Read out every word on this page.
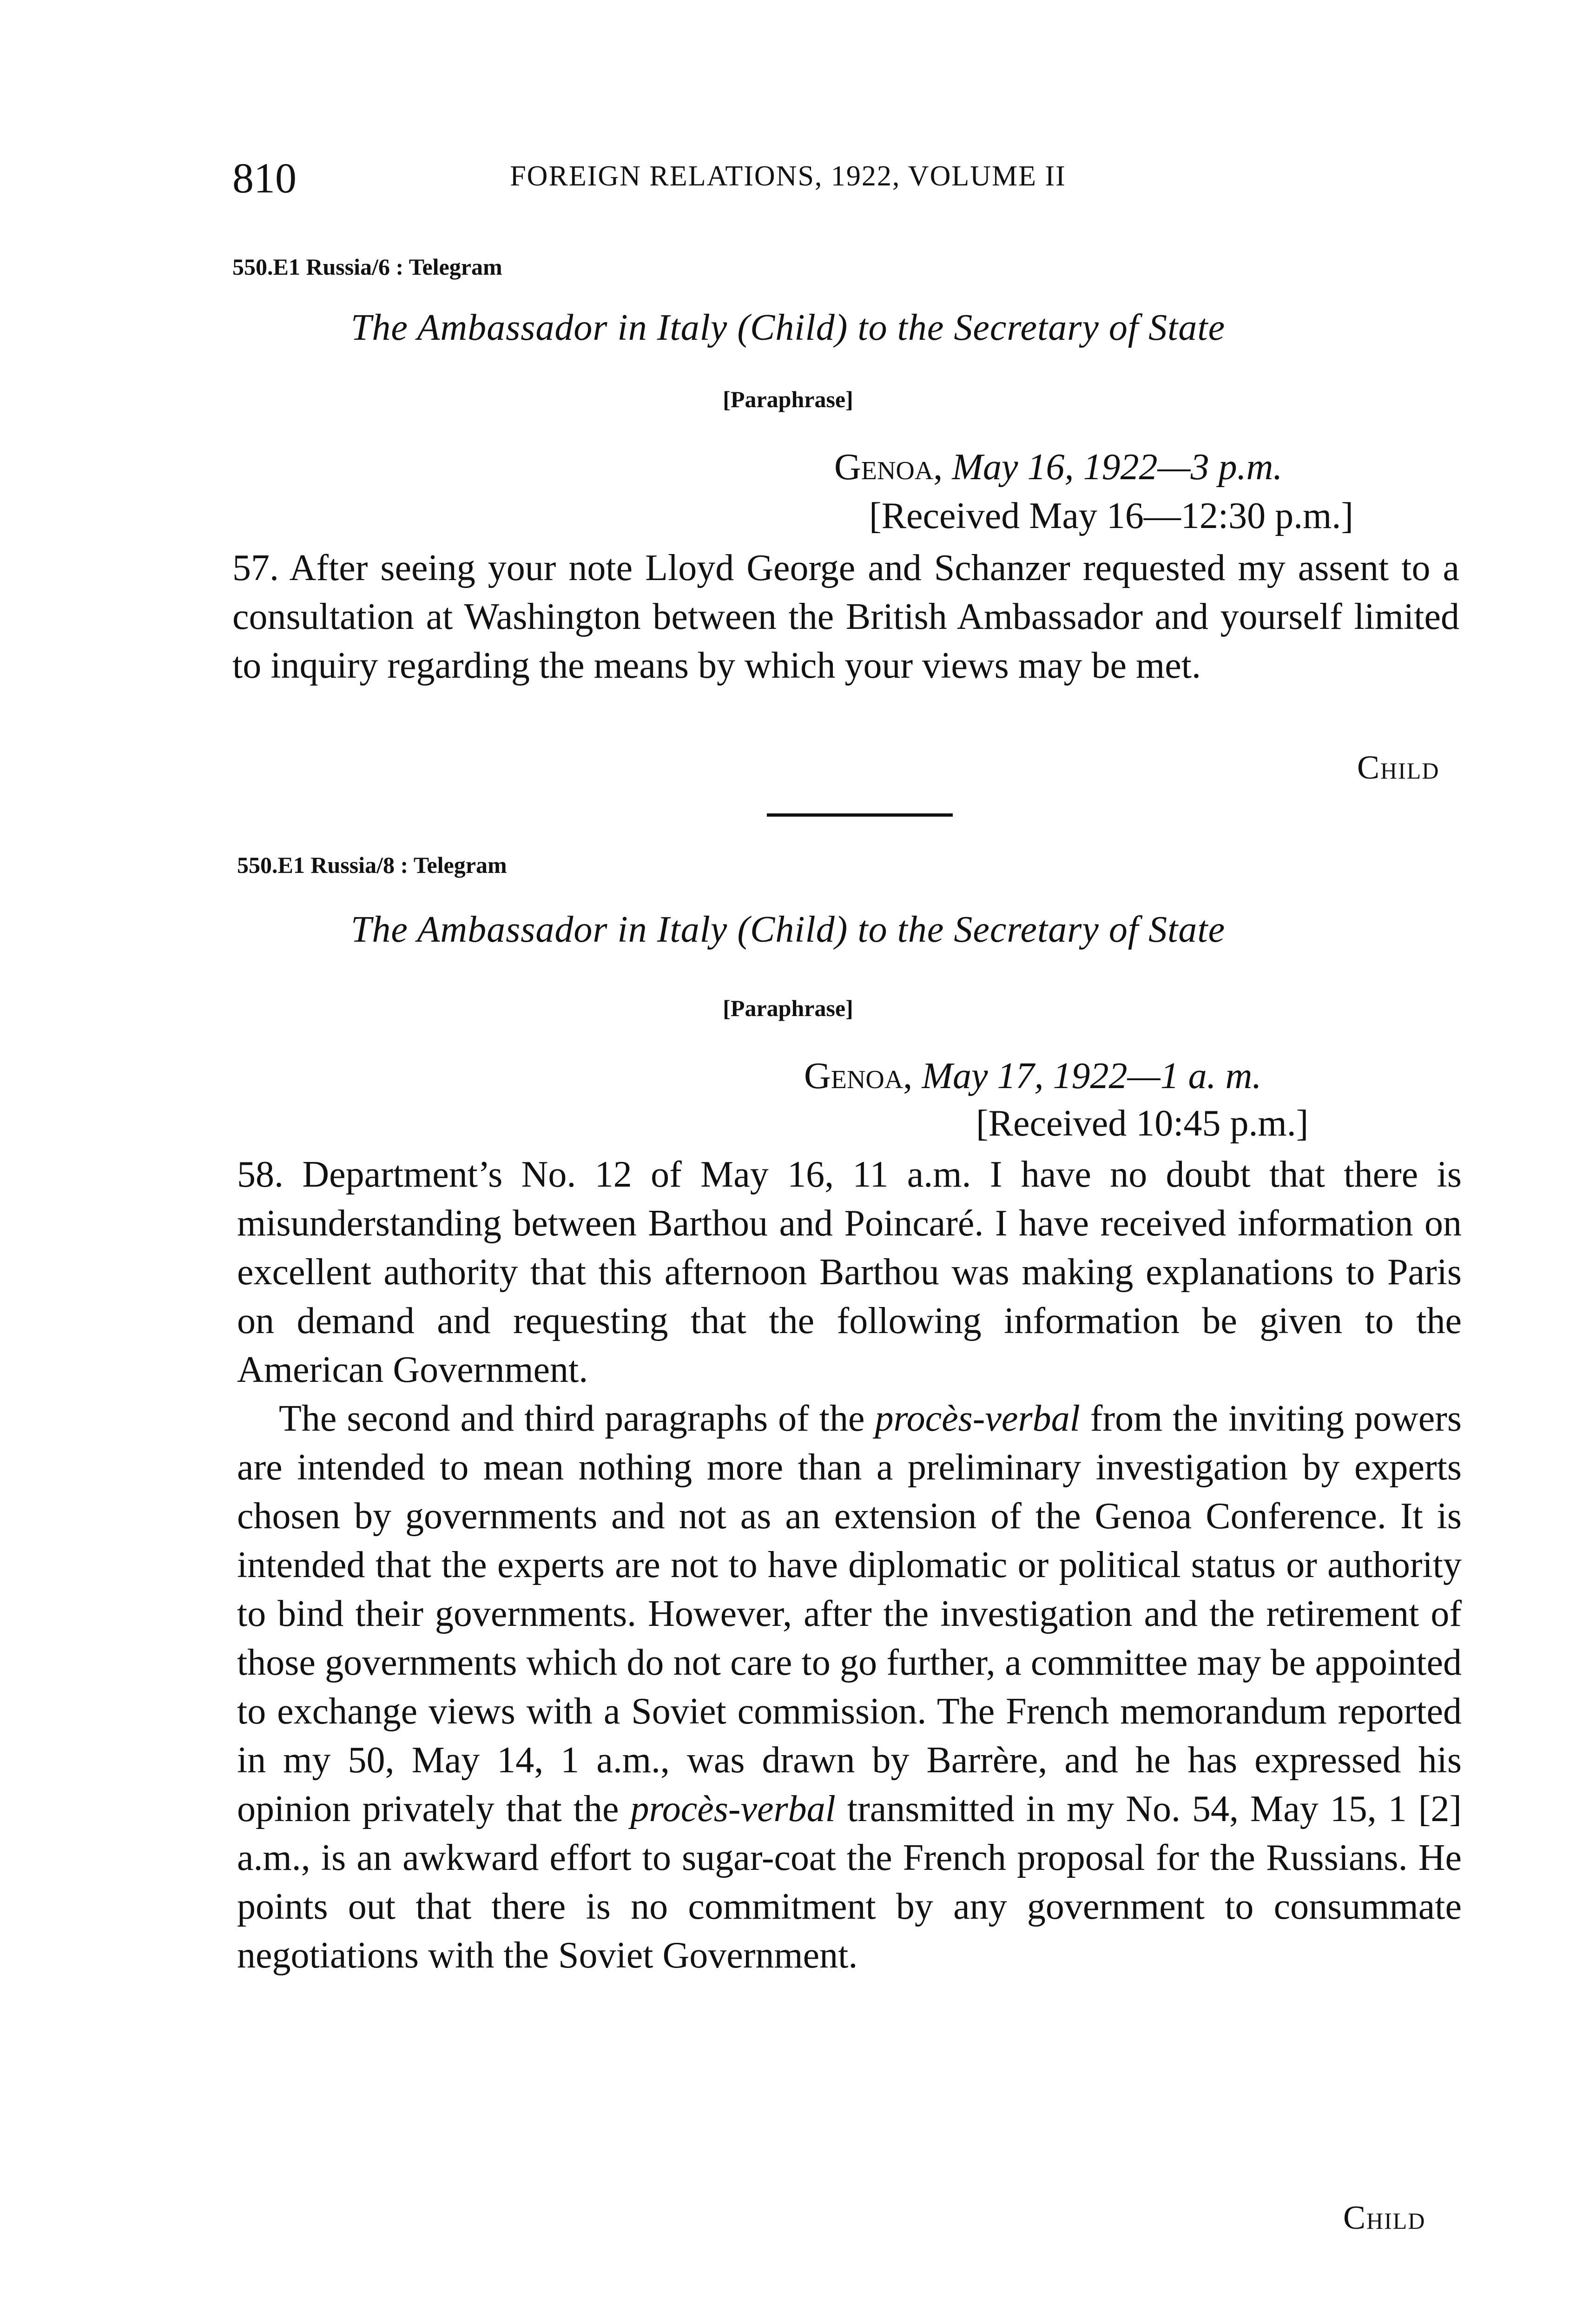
810	FOREIGN RELATIONS, 1922, VOLUME II
550.E1 Russia/6 : Telegram
The Ambassador in Italy (Child) to the Secretary of State
[Paraphrase]
Genoa, May 16, 1922—3 p.m.
[Received May 16—12:30 p.m.]

57. After seeing your note Lloyd George and Schanzer requested my assent to a consultation at Washington between the British Ambassador and yourself limited to inquiry regarding the means by which your views may be met.

Child
550.E1 Russia/8 : Telegram
The Ambassador in Italy (Child) to the Secretary of State
[Paraphrase]
Genoa, May 17, 1922—1 a. m.
[Received 10:45 p.m.]

58. Department’s No. 12 of May 16, 11 a.m. I have no doubt that there is misunderstanding between Barthou and Poincaré. I have received information on excellent authority that this afternoon Barthou was making explanations to Paris on demand and requesting that the following information be given to the American Government.

The second and third paragraphs of the procès-verbal from the inviting powers are intended to mean nothing more than a preliminary investigation by experts chosen by governments and not as an extension of the Genoa Conference. It is intended that the experts are not to have diplomatic or political status or authority to bind their governments. However, after the investigation and the retirement of those governments which do not care to go further, a committee may be appointed to exchange views with a Soviet commission. The French memorandum reported in my 50, May 14, 1 a.m., was drawn by Barrère, and he has expressed his opinion privately that the procès-verbal transmitted in my No. 54, May 15, 1 [2] a.m., is an awkward effort to sugar-coat the French proposal for the Russians. He points out that there is no commitment by any government to consummate negotiations with the Soviet Government.

Child
